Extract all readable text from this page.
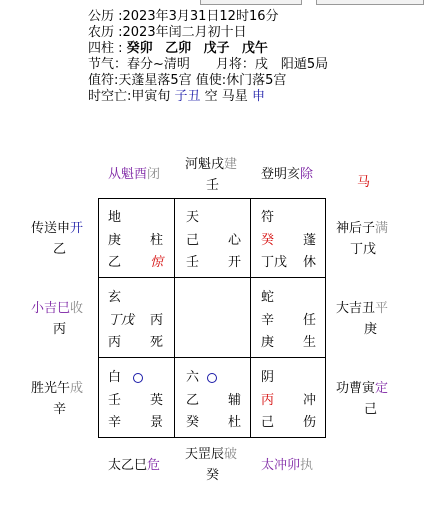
公历 :2023年3月31日12时16分
农历 :2023年闰二月初十日
四柱 : 癸卯 乙卯 戊子 戊午
节气：春分~清明　　月将：戌　阳遁5局
值符:天蓬星落5宫 值使:休门落5宫
时空亡:甲寅旬 子丑 空 马星 申
从魁酉闭
河魁戌建
壬
登明亥除
马
传送申开
乙
神后子满
丁戊
小吉巳收
丙
大吉丑平
庚
胜光午成
辛
功曹寅定
己
太乙巳危
天罡辰破
癸
太冲卯执
地
庚 柱
乙 惊
天
己 心
壬 开
符
癸 蓬
丁戊 休
玄
丁戊 丙
丙 死
蛇
辛 任
庚 生
白
壬 英
辛 景
六
乙 辅
癸 杜
阴
丙 冲
己 伤
